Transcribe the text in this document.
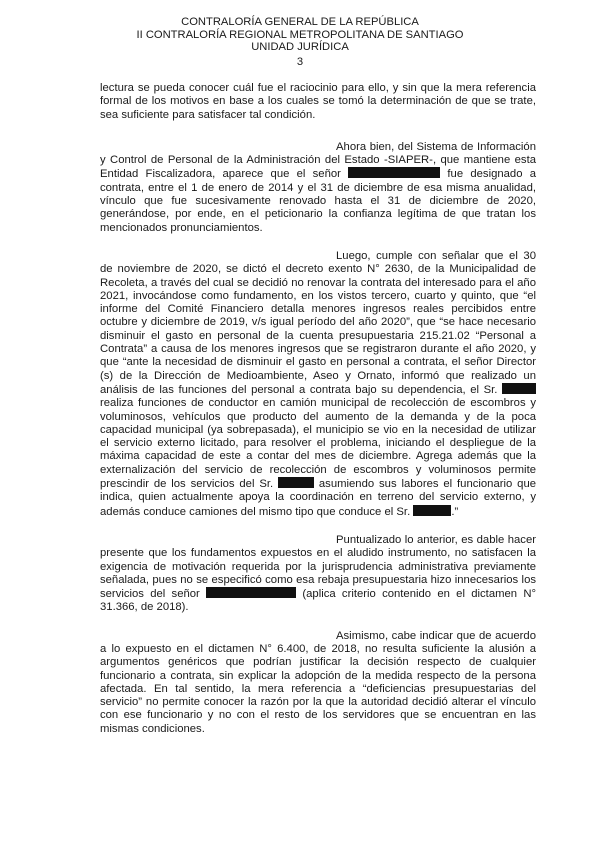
CONTRALORÍA GENERAL DE LA REPÚBLICA
II CONTRALORÍA REGIONAL METROPOLITANA DE SANTIAGO
UNIDAD JURÍDICA
3

lectura se pueda conocer cuál fue el raciocinio para ello, y sin que la mera referencia formal de los motivos en base a los cuales se tomó la determinación de que se trate, sea suficiente para satisfacer tal condición.

Ahora bien, del Sistema de Información y Control de Personal de la Administración del Estado -SIAPER-, que mantiene esta Entidad Fiscalizadora, aparece que el señor	fue designado a contrata, entre el 1 de enero de 2014 y el 31 de diciembre de esa misma anualidad, vínculo que fue sucesivamente renovado hasta el 31 de diciembre de 2020, generándose, por ende, en el peticionario la confianza legítima de que tratan los mencionados pronunciamientos.

Luego, cumple con señalar que el 30 de noviembre de 2020, se dictó el decreto exento N° 2630, de la Municipalidad de Recoleta, a través del cual se decidió no renovar la contrata del interesado para el año 2021, invocándose como fundamento, en los vistos tercero, cuarto y quinto, que “el informe del Comité Financiero detalla menores ingresos reales percibidos entre octubre y diciembre de 2019, v/s igual período del año 2020”, que “se hace necesario disminuir el gasto en personal de la cuenta presupuestaria 215.21.02 “Personal a Contrata” a causa de los menores ingresos que se registraron durante el año 2020, y que “ante la necesidad de disminuir el gasto en personal a contrata, el señor Director (s) de la Dirección de Medioambiente, Aseo y Ornato, informó que realizado un análisis de las funciones del personal a contrata bajo su dependencia, el Sr.  realiza funciones de conductor en camión municipal de recolección de escombros y voluminosos, vehículos que producto del aumento de la demanda y de la poca capacidad municipal (ya sobrepasada), el municipio se vio en la necesidad de utilizar el servicio externo licitado, para resolver el problema, iniciando el despliegue de la máxima capacidad de este a contar del mes de diciembre. Agrega además que la externalización del servicio de recolección de escombros y voluminosos permite prescindir de los servicios del Sr.	asumiendo sus labores el funcionario que indica, quien actualmente apoya la coordinación en terreno del servicio externo, y además conduce camiones del mismo tipo que conduce el Sr.	.”

Puntualizado lo anterior, es dable hacer presente que los fundamentos expuestos en el aludido instrumento, no satisfacen la exigencia de motivación requerida por la jurisprudencia administrativa previamente señalada, pues no se especificó como esa rebaja presupuestaria hizo innecesarios los servicios del señor	(aplica criterio contenido en el dictamen N° 31.366, de 2018).

Asimismo, cabe indicar que de acuerdo a lo expuesto en el dictamen N° 6.400, de 2018, no resulta suficiente la alusión a argumentos genéricos que podrían justificar la decisión respecto de cualquier funcionario a contrata, sin explicar la adopción de la medida respecto de la persona afectada. En tal sentido, la mera referencia a “deficiencias presupuestarias del servicio” no permite conocer la razón por la que la autoridad decidió alterar el vínculo con ese funcionario y no con el resto de los servidores que se encuentran en las mismas condiciones.
